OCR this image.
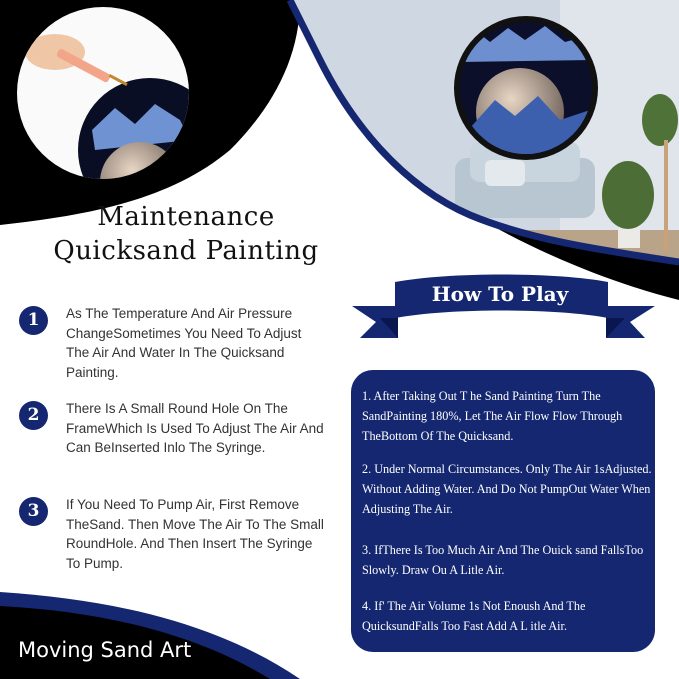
Maintenance
Quicksand Painting
1	As The Temperature And Air Pressure ChangeSometimes You Need To Adjust The Air And Water In The Quicksand Painting.
2	There Is A Small Round Hole On The FrameWhich Is Used To Adjust The Air And Can BeInserted Inlo The Syringe.
3	If You Need To Pump Air, First Remove TheSand. Then Move The Air To The Small RoundHole. And Then Insert The Syringe To Pump.
How To Play
1. After Taking Out T he Sand Painting Turn The SandPainting 180%, Let The Air Flow Flow Through TheBottom Of The Quicksand.
2. Under Normal Circumstances. Only The Air 1sAdjusted. Without Adding Water. And Do Not PumpOut Water When Adjusting The Air.
3. IfThere Is Too Much Air And The Ouick sand FallsToo Slowly. Draw Ou A Litle Air.
4. If' The Air Volume 1s Not Enoush And The QuicksundFalls Too Fast Add A L itle Air.
Moving Sand Art
